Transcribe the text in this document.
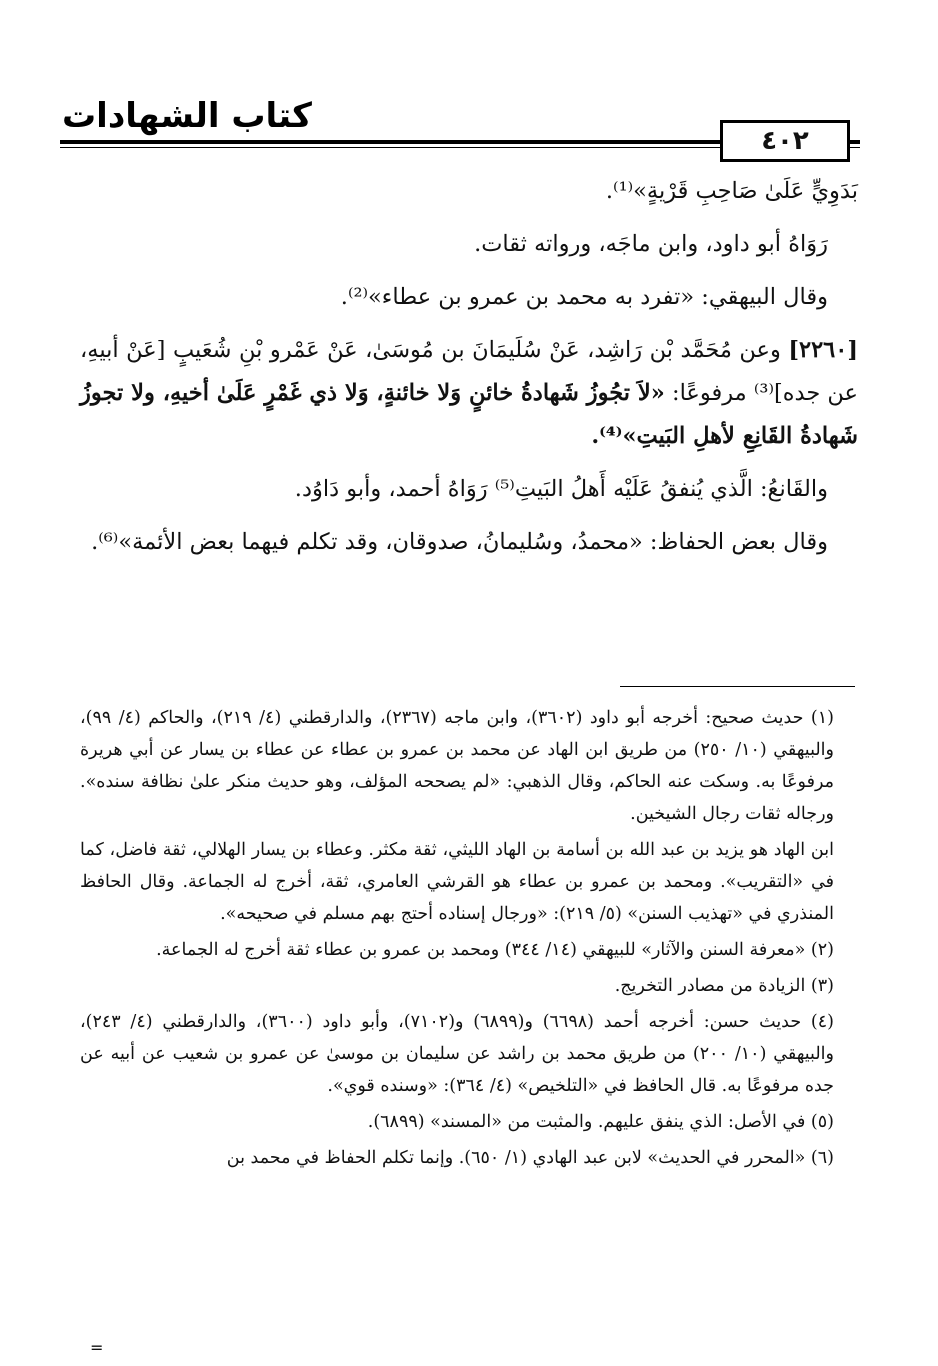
كتاب الشهادات
٤٠٢

بَدَوِيٍّ عَلَىٰ صَاحِبِ قَرْيةٍ»⁽¹⁾.

رَوَاهُ أبو داود، وابن ماجَه، ورواته ثقات.

وقال البيهقي: «تفرد به محمد بن عمرو بن عطاء»⁽²⁾.

[٢٢٦٠] وعن مُحَمَّد بْن رَاشِد، عَنْ سُلَيمَانَ بن مُوسَىٰ، عَنْ عَمْرو بْنِ شُعَيبٍ [عَنْ أبيهِ، عن جده]⁽³⁾ مرفوعًا: «لاَ تجُوزُ شَهادةُ خائنٍ وَلا خائنةٍ، وَلا ذي غَمْرٍ عَلَىٰ أخيهِ، ولا تجوزُ شَهادةُ القَانِعِ لأهلِ البَيتِ»⁽⁴⁾.

والقَانعُ: الَّذي يُنفقُ عَلَيْه أَهلُ البَيتِ⁽⁵⁾ رَوَاهُ أحمد، وأبو دَاوُد.

وقال بعض الحفاظ: «محمدُ، وسُليمانُ، صدوقان، وقد تكلم فيهما بعض الأئمة»⁽⁶⁾.

(١) حديث صحيح: أخرجه أبو داود (٣٦٠٢)، وابن ماجه (٢٣٦٧)، والدارقطني (٤/ ٢١٩)، والحاكم (٤/ ٩٩)، والبيهقي (١٠/ ٢٥٠) من طريق ابن الهاد عن محمد بن عمرو بن عطاء عن عطاء بن يسار عن أبي هريرة مرفوعًا به. وسكت عنه الحاكم، وقال الذهبي: «لم يصححه المؤلف، وهو حديث منكر علىٰ نظافة سنده». ورجاله ثقات رجال الشيخين.

ابن الهاد هو يزيد بن عبد الله بن أسامة بن الهاد الليثي، ثقة مكثر. وعطاء بن يسار الهلالي، ثقة فاضل، كما في «التقريب». ومحمد بن عمرو بن عطاء هو القرشي العامري، ثقة، أخرج له الجماعة. وقال الحافظ المنذري في «تهذيب السنن» (٥/ ٢١٩): «ورجال إسناده أحتج بهم مسلم في صحيحه».

(٢) «معرفة السنن والآثار» للبيهقي (١٤/ ٣٤٤) ومحمد بن عمرو بن عطاء ثقة أخرج له الجماعة.

(٣) الزيادة من مصادر التخريج.

(٤) حديث حسن: أخرجه أحمد (٦٦٩٨) و(٦٨٩٩) و(٧١٠٢)، وأبو داود (٣٦٠٠)، والدارقطني (٤/ ٢٤٣)، والبيهقي (١٠/ ٢٠٠) من طريق محمد بن راشد عن سليمان بن موسىٰ عن عمرو بن شعيب عن أبيه عن جده مرفوعًا به. قال الحافظ في «التلخيص» (٤/ ٣٦٤): «وسنده قوي».

(٥) في الأصل: الذي ينفق عليهم. والمثبت من «المسند» (٦٨٩٩).

(٦) «المحرر في الحديث» لابن عبد الهادي (١/ ٦٥٠). وإنما تكلم الحفاظ في محمد بن

=
